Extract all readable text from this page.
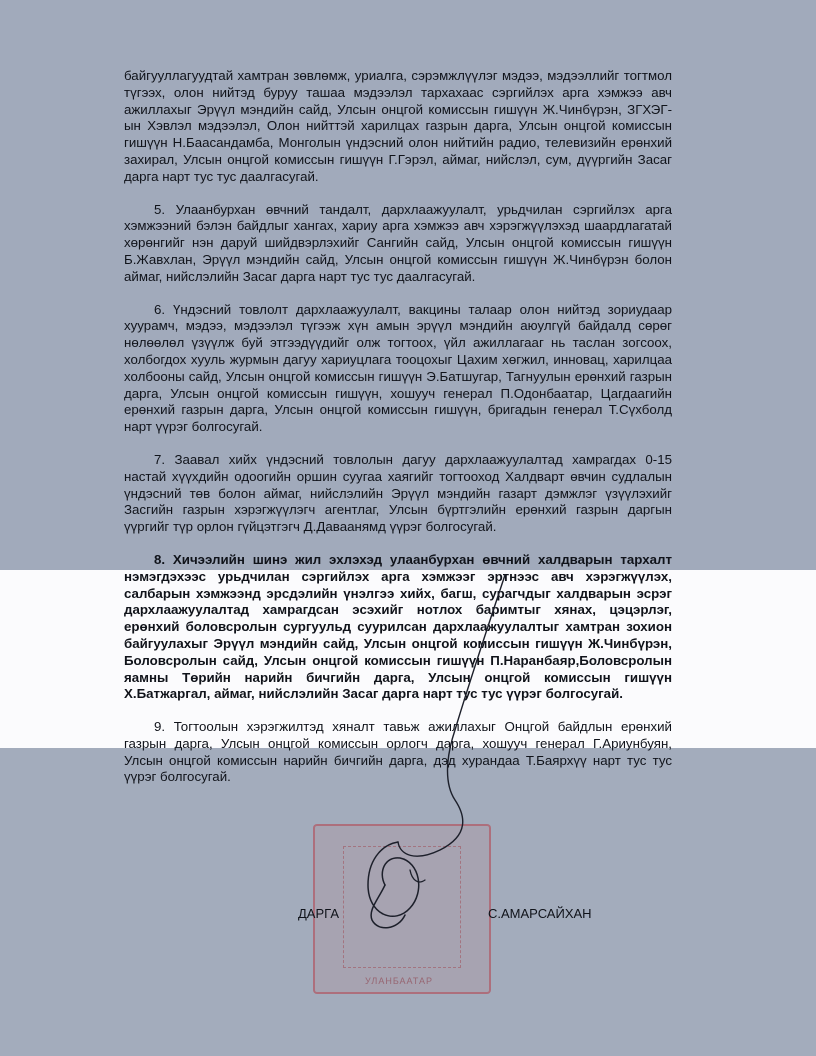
байгууллагуудтай хамтран зөвлөмж, уриалга, сэрэмжлүүлэг мэдээ, мэдээллийг тогтмол түгээх, олон нийтэд буруу ташаа мэдээлэл тархахаас сэргийлэх арга хэмжээ авч ажиллахыг Эрүүл мэндийн сайд, Улсын онцгой комиссын гишүүн Ж.Чинбүрэн, ЗГХЭГ-ын Хэвлэл мэдээлэл, Олон нийттэй харилцах газрын дарга, Улсын онцгой комиссын гишүүн Н.Баасандамба, Монголын үндэсний олон нийтийн радио, телевизийн ерөнхий захирал, Улсын онцгой комиссын гишүүн Г.Гэрэл, аймаг, нийслэл, сум, дүүргийн Засаг дарга нарт тус тус даалгасугай.

5. Улаанбурхан өвчний тандалт, дархлаажуулалт, урьдчилан сэргийлэх арга хэмжээний бэлэн байдлыг хангах, хариу арга хэмжээ авч хэрэгжүүлэхэд шаардлагатай хөрөнгийг нэн даруй шийдвэрлэхийг Сангийн сайд, Улсын онцгой комиссын гишүүн Б.Жавхлан, Эрүүл мэндийн сайд, Улсын онцгой комиссын гишүүн Ж.Чинбүрэн болон аймаг, нийслэлийн Засаг дарга нарт тус тус даалгасугай.

6. Үндэсний товлолт дархлаажуулалт, вакцины талаар олон нийтэд зориудаар хуурамч, мэдээ, мэдээлэл түгээж хүн амын эрүүл мэндийн аюулгүй байдалд сөрөг нөлөөлөл үзүүлж буй этгээдүүдийг олж тогтоох, үйл ажиллагааг нь таслан зогсоох, холбогдох хууль журмын дагуу хариуцлага тооцохыг Цахим хөгжил, инновац, харилцаа холбооны сайд, Улсын онцгой комиссын гишүүн Э.Батшугар, Тагнуулын ерөнхий газрын дарга, Улсын онцгой комиссын гишүүн, хошууч генерал П.Одонбаатар, Цагдаагийн ерөнхий газрын дарга, Улсын онцгой комиссын гишүүн, бригадын генерал Т.Сүхболд нарт үүрэг болгосугай.

7. Заавал хийх үндэсний товлолын дагуу дархлаажуулалтад хамрагдах 0-15 настай хүүхдийн одоогийн оршин суугаа хаягийг тогтооход Халдварт өвчин судлалын үндэсний төв болон аймаг, нийслэлийн Эрүүл мэндийн газарт дэмжлэг үзүүлэхийг Засгийн газрын хэрэгжүүлэгч агентлаг, Улсын бүртгэлийн ерөнхий газрын даргын үүргийг түр орлон гүйцэтгэгч Д.Даваанямд үүрэг болгосугай.

8. Хичээлийн шинэ жил эхлэхэд улаанбурхан өвчний халдварын тархалт нэмэгдэхээс урьдчилан сэргийлэх арга хэмжээг эртнээс авч хэрэгжүүлэх, салбарын хэмжээнд эрсдэлийн үнэлгээ хийх, багш, сурагчдыг халдварын эсрэг дархлаажуулалтад хамрагдсан эсэхийг нотлох баримтыг хянах, цэцэрлэг, ерөнхий боловсролын сургуульд суурилсан дархлаажуулалтыг хамтран зохион байгуулахыг Эрүүл мэндийн сайд, Улсын онцгой комиссын гишүүн Ж.Чинбүрэн, Боловсролын сайд, Улсын онцгой комиссын гишүүн П.Наранбаяр,Боловсролын яамны Төрийн нарийн бичгийн дарга, Улсын онцгой комиссын гишүүн Х.Батжаргал, аймаг, нийслэлийн Засаг дарга нарт тус тус үүрэг болгосугай.

9. Тогтоолын хэрэгжилтэд хяналт тавьж ажиллахыг Онцгой байдлын ерөнхий газрын дарга, Улсын онцгой комиссын орлогч дарга, хошууч генерал Г.Ариунбуян, Улсын онцгой комиссын нарийн бичгийн дарга, дэд хурандаа Т.Баярхүү нарт тус тус үүрэг болгосугай.

УЛАНБААТАР
ДАРГА	С.АМАРСАЙХАН
